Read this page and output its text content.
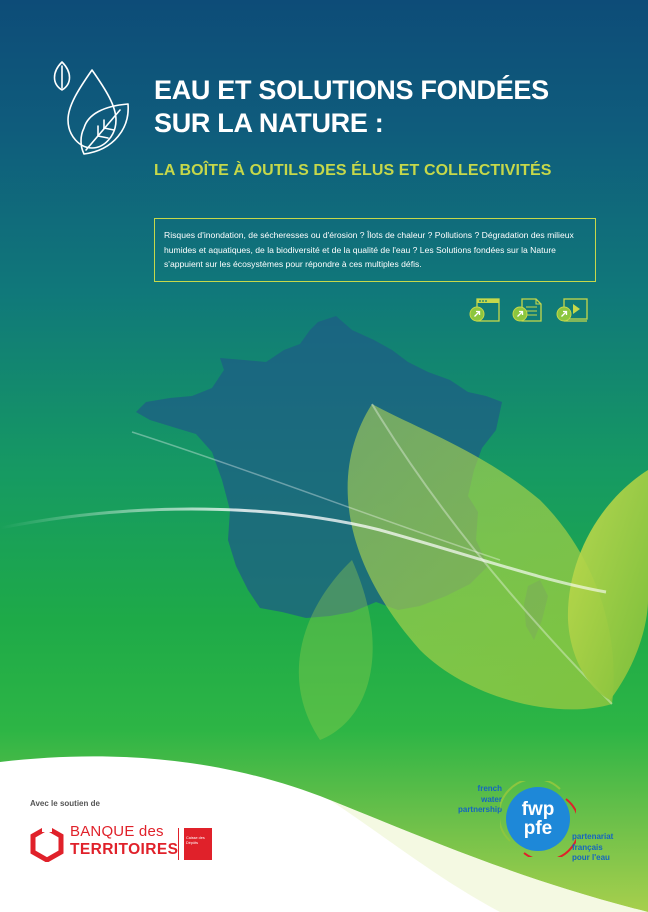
EAU ET SOLUTIONS FONDÉES
SUR LA NATURE :

LA BOÎTE À OUTILS DES ÉLUS ET COLLECTIVITÉS

Risques d'inondation, de sécheresses ou d'érosion ? Îlots de chaleur ? Pollutions ? Dégradation des milieux humides et aquatiques, de la biodiversité et de la qualité de l'eau ? Les Solutions fondées sur la Nature s'appuient sur les écosystèmes pour répondre à ces multiples défis.

Avec le soutien de

BANQUE des
TERRITOIRES
Caisse des Dépôts
french
water
partnership	fwp
pfe	partenariat
français
pour l'eau
